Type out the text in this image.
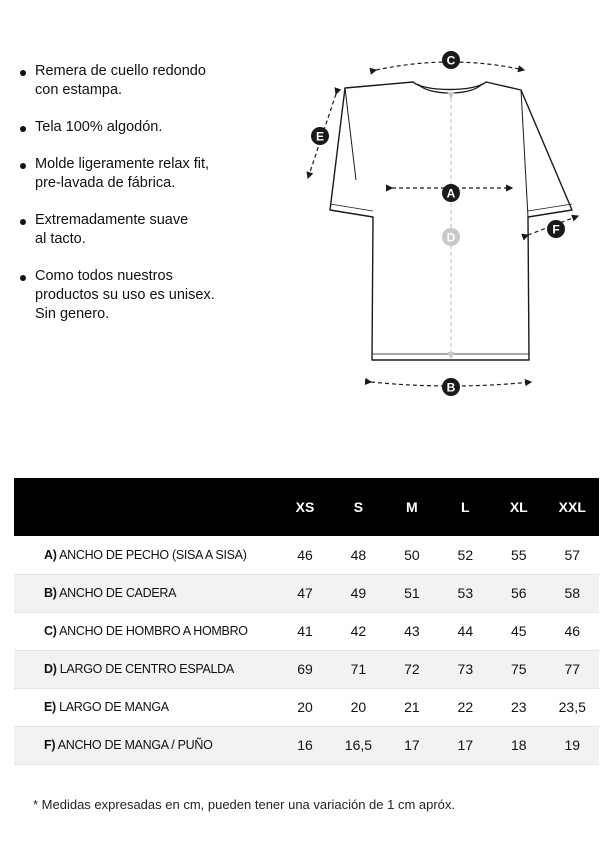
Remera de cuello redondo
con estampa.
Tela 100% algodón.
Molde ligeramente relax fit,
pre-lavada de fábrica.
Extremadamente suave
al tacto.
Como todos nuestros
productos su uso es unisex.
Sin genero.
C
E
A
D
F
B
	XS	S	M	L	XL	XXL
A) ANCHO DE PECHO (SISA A SISA)	46	48	50	52	55	57
B) ANCHO DE CADERA	47	49	51	53	56	58
C) ANCHO DE HOMBRO A HOMBRO	41	42	43	44	45	46
D) LARGO DE CENTRO ESPALDA	69	71	72	73	75	77
E) LARGO DE MANGA	20	20	21	22	23	23,5
F) ANCHO DE MANGA / PUÑO	16	16,5	17	17	18	19
* Medidas expresadas en cm, pueden tener una variación de 1 cm apróx.
